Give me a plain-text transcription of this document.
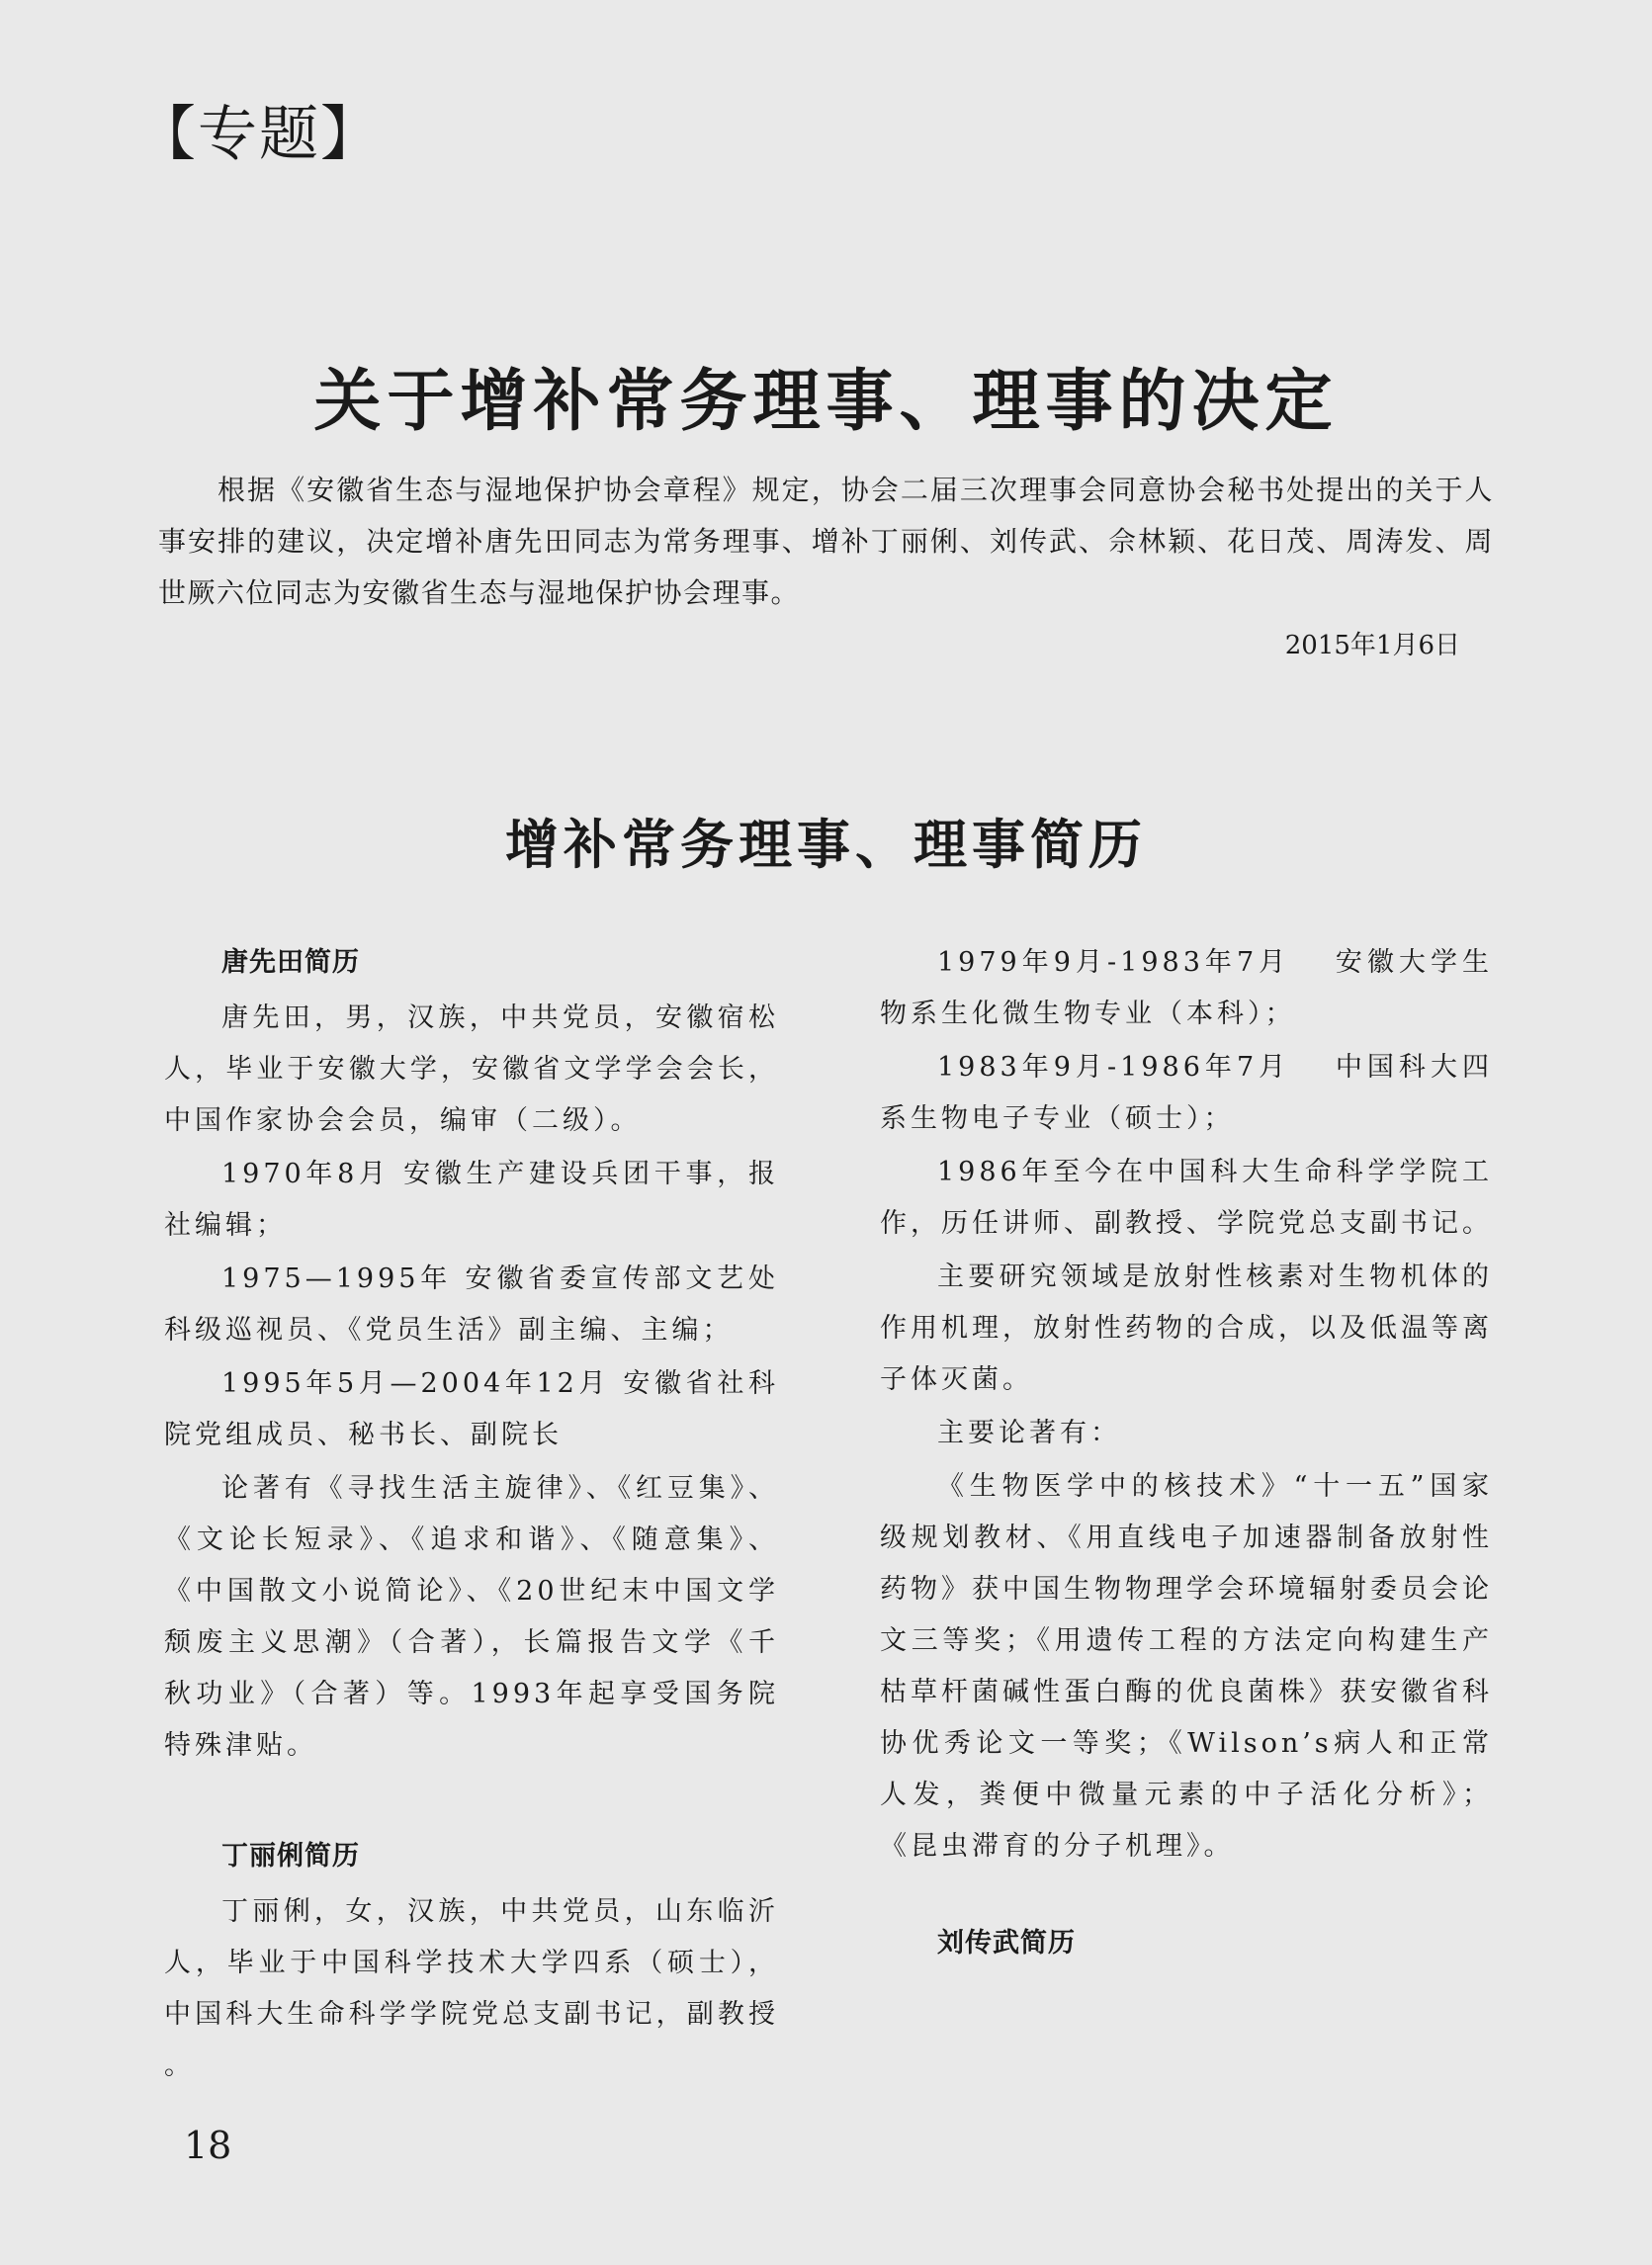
【专题】
关于增补常务理事、理事的决定

根据《安徽省生态与湿地保护协会章程》规定，协会二届三次理事会同意协会秘书处提出的关于人事安排的建议，决定增补唐先田同志为常务理事、增补丁丽俐、刘传武、佘林颖、花日茂、周涛发、周世厥六位同志为安徽省生态与湿地保护协会理事。

2015年1月6日
增补常务理事、理事简历
唐先田简历

唐先田，男，汉族，中共党员，安徽宿松人，毕业于安徽大学，安徽省文学学会会长，中国作家协会会员，编审（二级）。

1970年8月 安徽生产建设兵团干事，报社编辑；

1975—1995年 安徽省委宣传部文艺处科级巡视员、《党员生活》副主编、主编；

1995年5月—2004年12月 安徽省社科院党组成员、秘书长、副院长

论著有《寻找生活主旋律》、《红豆集》、《文论长短录》、《追求和谐》、《随意集》、《中国散文小说简论》、《20世纪末中国文学颓废主义思潮》（合著），长篇报告文学《千秋功业》（合著）等。1993年起享受国务院特殊津贴。

丁丽俐简历

丁丽俐，女，汉族，中共党员，山东临沂人，毕业于中国科学技术大学四系（硕士），中国科大生命科学学院党总支副书记，副教授 。

1979年9月-1983年7月　 安徽大学生物系生化微生物专业（本科）；

1983年9月-1986年7月　 中国科大四系生物电子专业（硕士）；

1986年至今在中国科大生命科学学院工作，历任讲师、副教授、学院党总支副书记。

主要研究领域是放射性核素对生物机体的作用机理，放射性药物的合成，以及低温等离子体灭菌。

主要论著有：

《生物医学中的核技术》“十一五”国家级规划教材、《用直线电子加速器制备放射性药物》获中国生物物理学会环境辐射委员会论文三等奖；《用遗传工程的方法定向构建生产枯草杆菌碱性蛋白酶的优良菌株》获安徽省科协优秀论文一等奖；《Wilson’s病人和正常人发，粪便中微量元素的中子活化分析》；《昆虫滞育的分子机理》。

刘传武简历
18
